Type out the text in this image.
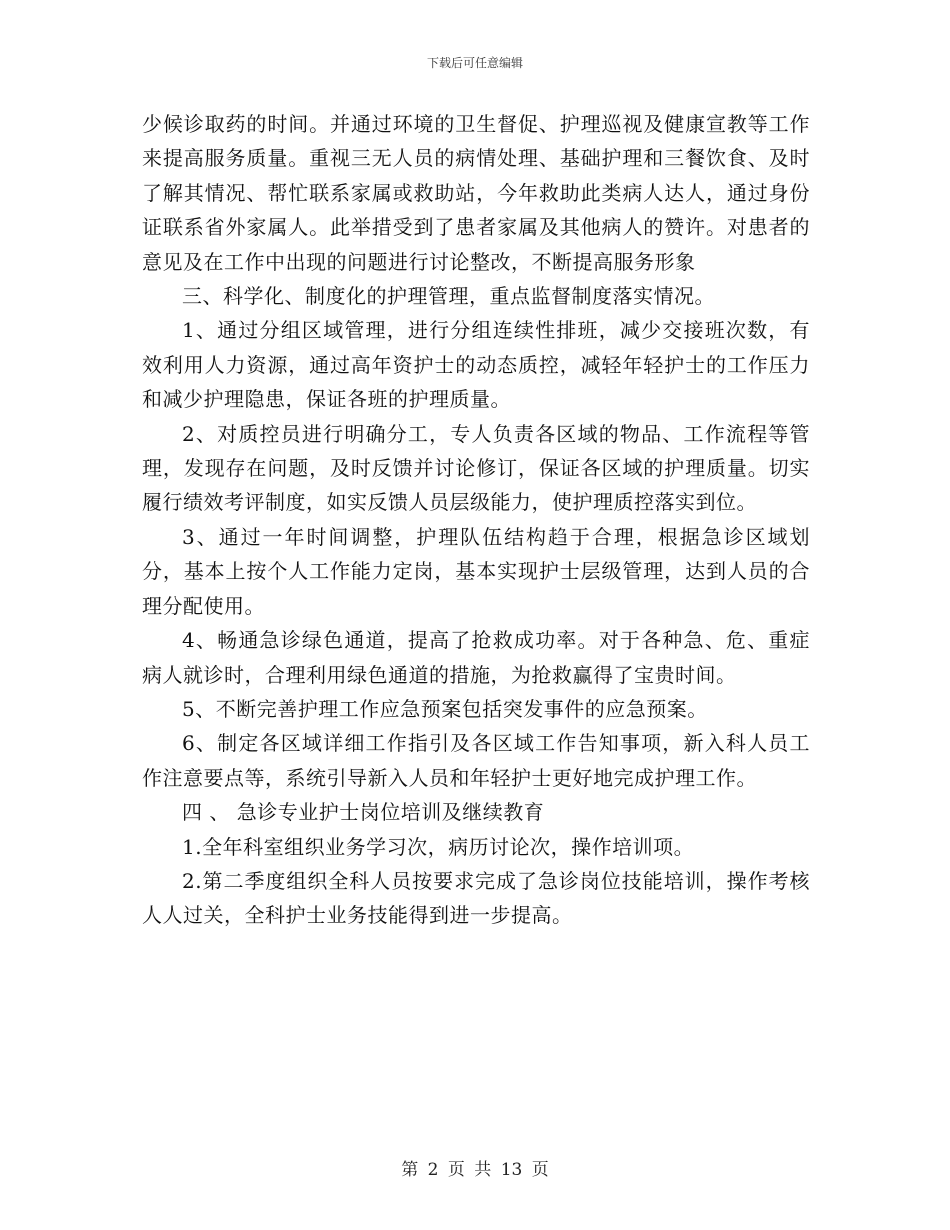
下载后可任意编辑

少候诊取药的时间。并通过环境的卫生督促、护理巡视及健康宣教等工作来提高服务质量。重视三无人员的病情处理、基础护理和三餐饮食、及时了解其情况、帮忙联系家属或救助站，今年救助此类病人达人，通过身份证联系省外家属人。此举措受到了患者家属及其他病人的赞许。对患者的意见及在工作中出现的问题进行讨论整改，不断提高服务形象

三、科学化、制度化的护理管理，重点监督制度落实情况。

1、通过分组区域管理，进行分组连续性排班，减少交接班次数，有效利用人力资源，通过高年资护士的动态质控，减轻年轻护士的工作压力和减少护理隐患，保证各班的护理质量。

2、对质控员进行明确分工，专人负责各区域的物品、工作流程等管理，发现存在问题，及时反馈并讨论修订，保证各区域的护理质量。切实履行绩效考评制度，如实反馈人员层级能力，使护理质控落实到位。

3、通过一年时间调整，护理队伍结构趋于合理，根据急诊区域划分，基本上按个人工作能力定岗，基本实现护士层级管理，达到人员的合理分配使用。

4、畅通急诊绿色通道，提高了抢救成功率。对于各种急、危、重症病人就诊时，合理利用绿色通道的措施，为抢救赢得了宝贵时间。

5、不断完善护理工作应急预案包括突发事件的应急预案。

6、制定各区域详细工作指引及各区域工作告知事项，新入科人员工作注意要点等，系统引导新入人员和年轻护士更好地完成护理工作。

四 、 急诊专业护士岗位培训及继续教育

1.全年科室组织业务学习次，病历讨论次，操作培训项。

2.第二季度组织全科人员按要求完成了急诊岗位技能培训，操作考核人人过关，全科护士业务技能得到进一步提高。

第 2 页 共 13 页
